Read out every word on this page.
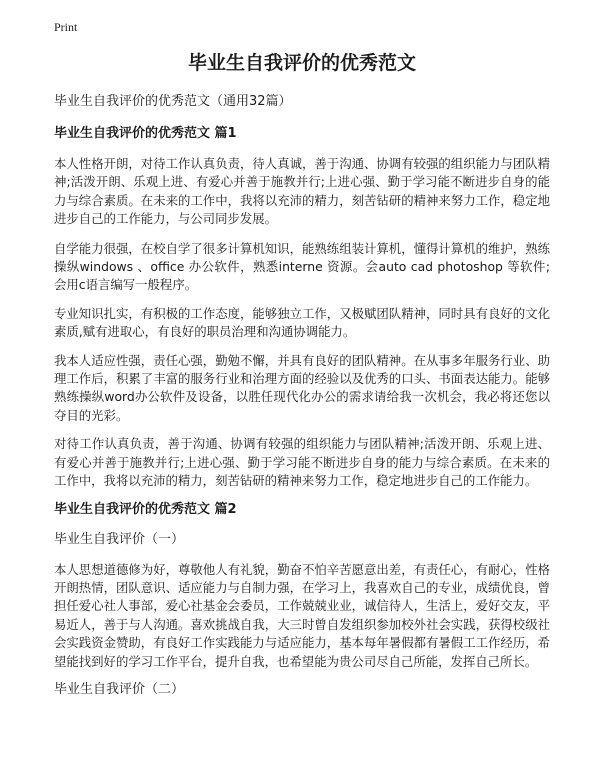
Print
毕业生自我评价的优秀范文
毕业生自我评价的优秀范文（通用32篇）
毕业生自我评价的优秀范文 篇1

本人性格开朗，对待工作认真负责，待人真诚，善于沟通、协调有较强的组织能力与团队精神;活泼开朗、乐观上进、有爱心并善于施教并行;上进心强、勤于学习能不断进步自身的能力与综合素质。在未来的工作中，我将以充沛的精力，刻苦钻研的精神来努力工作，稳定地进步自己的工作能力，与公司同步发展。

自学能力很强，在校自学了很多计算机知识，能熟练组装计算机，懂得计算机的维护，熟练操纵windows 、office 办公软件，熟悉interne 资源。会auto cad photoshop 等软件;会用c语言编写一般程序。

专业知识扎实，有积极的工作态度，能够独立工作，又极赋团队精神，同时具有良好的文化素质,赋有进取心，有良好的职员治理和沟通协调能力。

我本人适应性强，责任心强，勤勉不懈，并具有良好的团队精神。在从事多年服务行业、助理工作后，积累了丰富的服务行业和治理方面的经验以及优秀的口头、书面表达能力。能够熟练操纵word办公软件及设备，以胜任现代化办公的需求请给我一次机会，我必将还您以夺目的光彩。

对待工作认真负责，善于沟通、协调有较强的组织能力与团队精神;活泼开朗、乐观上进、有爱心并善于施教并行;上进心强、勤于学习能不断进步自身的能力与综合素质。在未来的工作中，我将以充沛的精力，刻苦钻研的精神来努力工作，稳定地进步自己的工作能力。

毕业生自我评价的优秀范文 篇2
毕业生自我评价（一）

本人思想道德修为好，尊敬他人有礼貌，勤奋不怕辛苦愿意出差，有责任心，有耐心，性格开朗热情，团队意识、适应能力与自制力强，在学习上，我喜欢自己的专业，成绩优良，曾担任爱心社人事部，爱心社基金会委员，工作兢兢业业，诚信待人，生活上，爱好交友，平易近人，善于与人沟通。喜欢挑战自我，大三时曾自发组织参加校外社会实践，获得校级社会实践资金赞助，有良好工作实践能力与适应能力，基本每年暑假都有暑假工工作经历，希望能找到好的学习工作平台，提升自我，也希望能为贵公司尽自己所能，发挥自己所长。

毕业生自我评价（二）
